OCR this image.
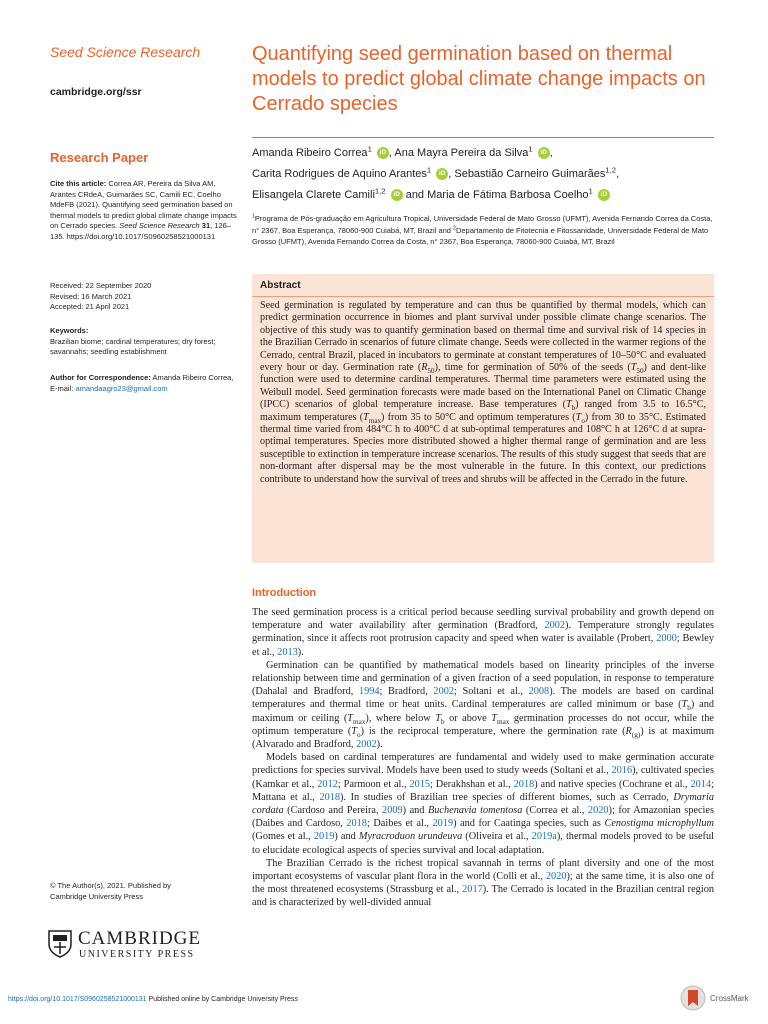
Seed Science Research
cambridge.org/ssr
Research Paper
Cite this article: Correa AR, Pereira da Silva AM, Arantes CRdeA, Guimarães SC, Camili EC, Coelho MdeFB (2021). Quantifying seed germination based on thermal models to predict global climate change impacts on Cerrado species. Seed Science Research 31, 126–135. https://doi.org/10.1017/S0960258521000131
Received: 22 September 2020
Revised: 16 March 2021
Accepted: 21 April 2021
Keywords:
Brazilian biome; cardinal temperatures; dry forest; savannahs; seedling establishment
Author for Correspondence: Amanda Ribeiro Correa, E-mail: amandaagro23@gmail.com
© The Author(s), 2021. Published by
Cambridge University Press
CAMBRIDGE
UNIVERSITY PRESS
Quantifying seed germination based on thermal models to predict global climate change impacts on Cerrado species
Amanda Ribeiro Correa$^1$ iD , Ana Mayra Pereira da Silva$^1$ iD ,
Carita Rodrigues de Aquino Arantes$^1$ iD , Sebastião Carneiro Guimarães$^{1,2}$,
Elisangela Clarete Camili$^{1,2}$ iD and Maria de Fátima Barbosa Coelho$^1$ iD
$^1$Programa de Pós-graduação em Agricultura Tropical, Universidade Federal de Mato Grosso (UFMT), Avenida Fernando Correa da Costa, n° 2367, Boa Esperança, 78060-900 Cuiabá, MT, Brazil and $^2$Departamento de Fitotecnia e Fitossanidade, Universidade Federal de Mato Grosso (UFMT), Avenida Fernando Correa da Costa, n° 2367, Boa Esperança, 78060-900 Cuiabá, MT, Brazil
Abstract
Seed germination is regulated by temperature and can thus be quantified by thermal models, which can predict germination occurrence in biomes and plant survival under possible climate change scenarios. The objective of this study was to quantify germination based on thermal time and survival risk of 14 species in the Brazilian Cerrado in scenarios of future climate change. Seeds were collected in the warmer regions of the Cerrado, central Brazil, placed in incubators to germinate at constant temperatures of 10–50°C and evaluated every hour or day. Germination rate $(R_{50})$, time for germination of 50% of the seeds $(T_{50})$ and dent-like function were used to determine cardinal temperatures. Thermal time parameters were estimated using the Weibull model. Seed germination forecasts were made based on the International Panel on Climatic Change (IPCC) scenarios of global temperature increase. Base temperatures $(T_b)$ ranged from 3.5 to 16.5°C, maximum temperatures $(T_{max})$ from 35 to 50°C and optimum temperatures $(T_o)$ from 30 to 35°C. Estimated thermal time varied from 484°C h to 400°C d at sub-optimal temperatures and 108°C h at 126°C d at supra-optimal temperatures. Species more distributed showed a higher thermal range of germination and are less susceptible to extinction in temperature increase scenarios. The results of this study suggest that seeds that are non-dormant after dispersal may be the most vulnerable in the future. In this context, our predictions contribute to understand how the survival of trees and shrubs will be affected in the Cerrado in the future.
Introduction

The seed germination process is a critical period because seedling survival probability and growth depend on temperature and water availability after germination (Bradford, 2002). Temperature strongly regulates germination, since it affects root protrusion capacity and speed when water is available (Probert, 2000; Bewley et al., 2013).

Germination can be quantified by mathematical models based on linearity principles of the inverse relationship between time and germination of a given fraction of a seed population, in response to temperature (Dahalal and Bradford, 1994; Bradford, 2002; Soltani et al., 2008). The models are based on cardinal temperatures and thermal time or heat units. Cardinal temperatures are called minimum or base $(T_b)$ and maximum or ceiling $(T_{max})$, where below $T_b$ or above $T_{max}$ germination processes do not occur, while the optimum temperature $(T_o)$ is the reciprocal temperature, where the germination rate $(R_{(g)})$ is at maximum (Alvarado and Bradford, 2002).

Models based on cardinal temperatures are fundamental and widely used to make germination accurate predictions for species survival. Models have been used to study weeds (Soltani et al., 2016), cultivated species (Kamkar et al., 2012; Parmoon et al., 2015; Derakhshan et al., 2018) and native species (Cochrane et al., 2014; Mattana et al., 2018). In studies of Brazilian tree species of different biomes, such as Cerrado, Drymaria cordata (Cardoso and Pereira, 2009) and Buchenavia tomentosa (Correa et al., 2020); for Amazonian species (Daibes and Cardoso, 2018; Daibes et al., 2019) and for Caatinga species, such as Cenostigma microphyllum (Gomes et al., 2019) and Myracroduon urundeuva (Oliveira et al., 2019a), thermal models proved to be useful to elucidate ecological aspects of species survival and local adaptation.

The Brazilian Cerrado is the richest tropical savannah in terms of plant diversity and one of the most important ecosystems of vascular plant flora in the world (Colli et al., 2020); at the same time, it is also one of the most threatened ecosystems (Strassburg et al., 2017). The Cerrado is located in the Brazilian central region and is characterized by well-divided annual

https://doi.org/10.1017/S0960258521000131 Published online by Cambridge University Press	CrossMark
